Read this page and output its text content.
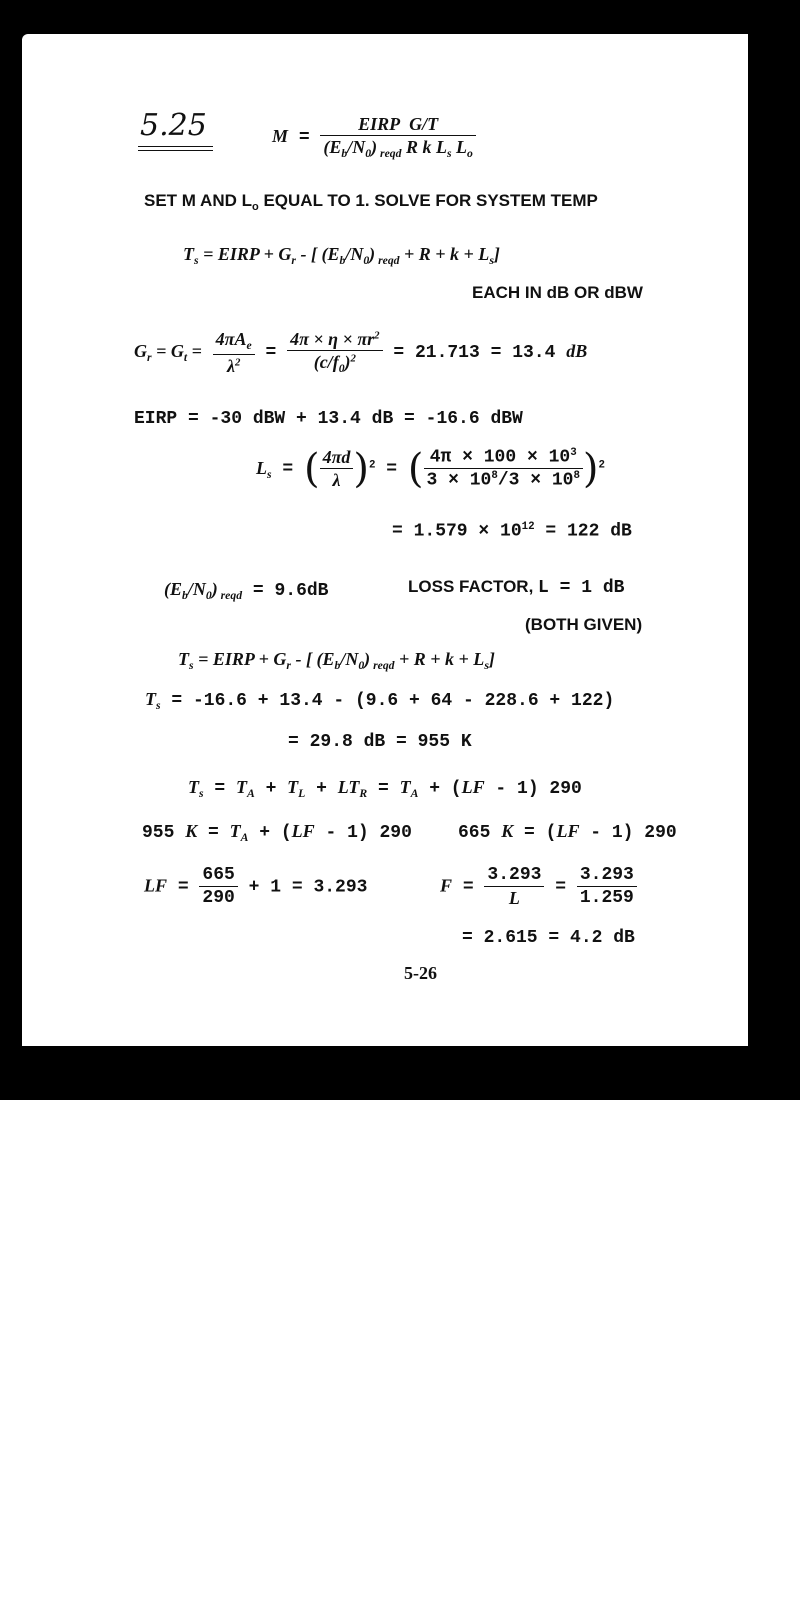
5.25	$M = \frac{\text{EIRP  G/T}}{(E_b/N_0) _{reqd} R k L_s L_o}$
SET M AND $L_o$ EQUAL TO 1. SOLVE FOR SYSTEM TEMP
$T_s$ = EIRP + $G_r$ - [ $(E_b/N_0) _{reqd} + R + k + L_s$]
EACH IN dB OR dBW
$G_r = G_t = \frac{4\pi A_e}{\lambda^2} = \frac{4\pi \times \eta \times \pi r^2}{(c/f_0)^2} = 21.713 = 13.4$ dB
EIRP = -30 dBW + 13.4 dB = -16.6 dBW
$L_s$ = ( $\frac{4\pi d}{\lambda} )^2$ = ( $\frac{4\pi \times 100 \times 10^3}{3 \times 10^8/3 \times 10^8} )^2$
= $1.579 \times 10^{12} = 122$ dB
$(E_b/N_0) _{reqd} = 9.6dB$	LOSS FACTOR, L = 1 dB
(BOTH GIVEN)
$T_s$ = EIRP + $G_r$ - [ $(E_b/N_0) _{reqd} + R + k + L_s$]
$T_s = -16.6 + 13.4 - (9.6 + 64 - 228.6 + 122)$
= 29.8 dB = 955 K
$T_s = T_A + T_L + LT_R = T_A + (LF - 1)$ 290
955 $K = T_A + (LF - 1)$ 290	665 K = (LF - 1) 290
LF = $\frac{665}{290} + 1 = 3.293$	$F = \frac{3.293}{L} = \frac{3.293}{1.259}$
= 2.615 = 4.2 dB
5-26
